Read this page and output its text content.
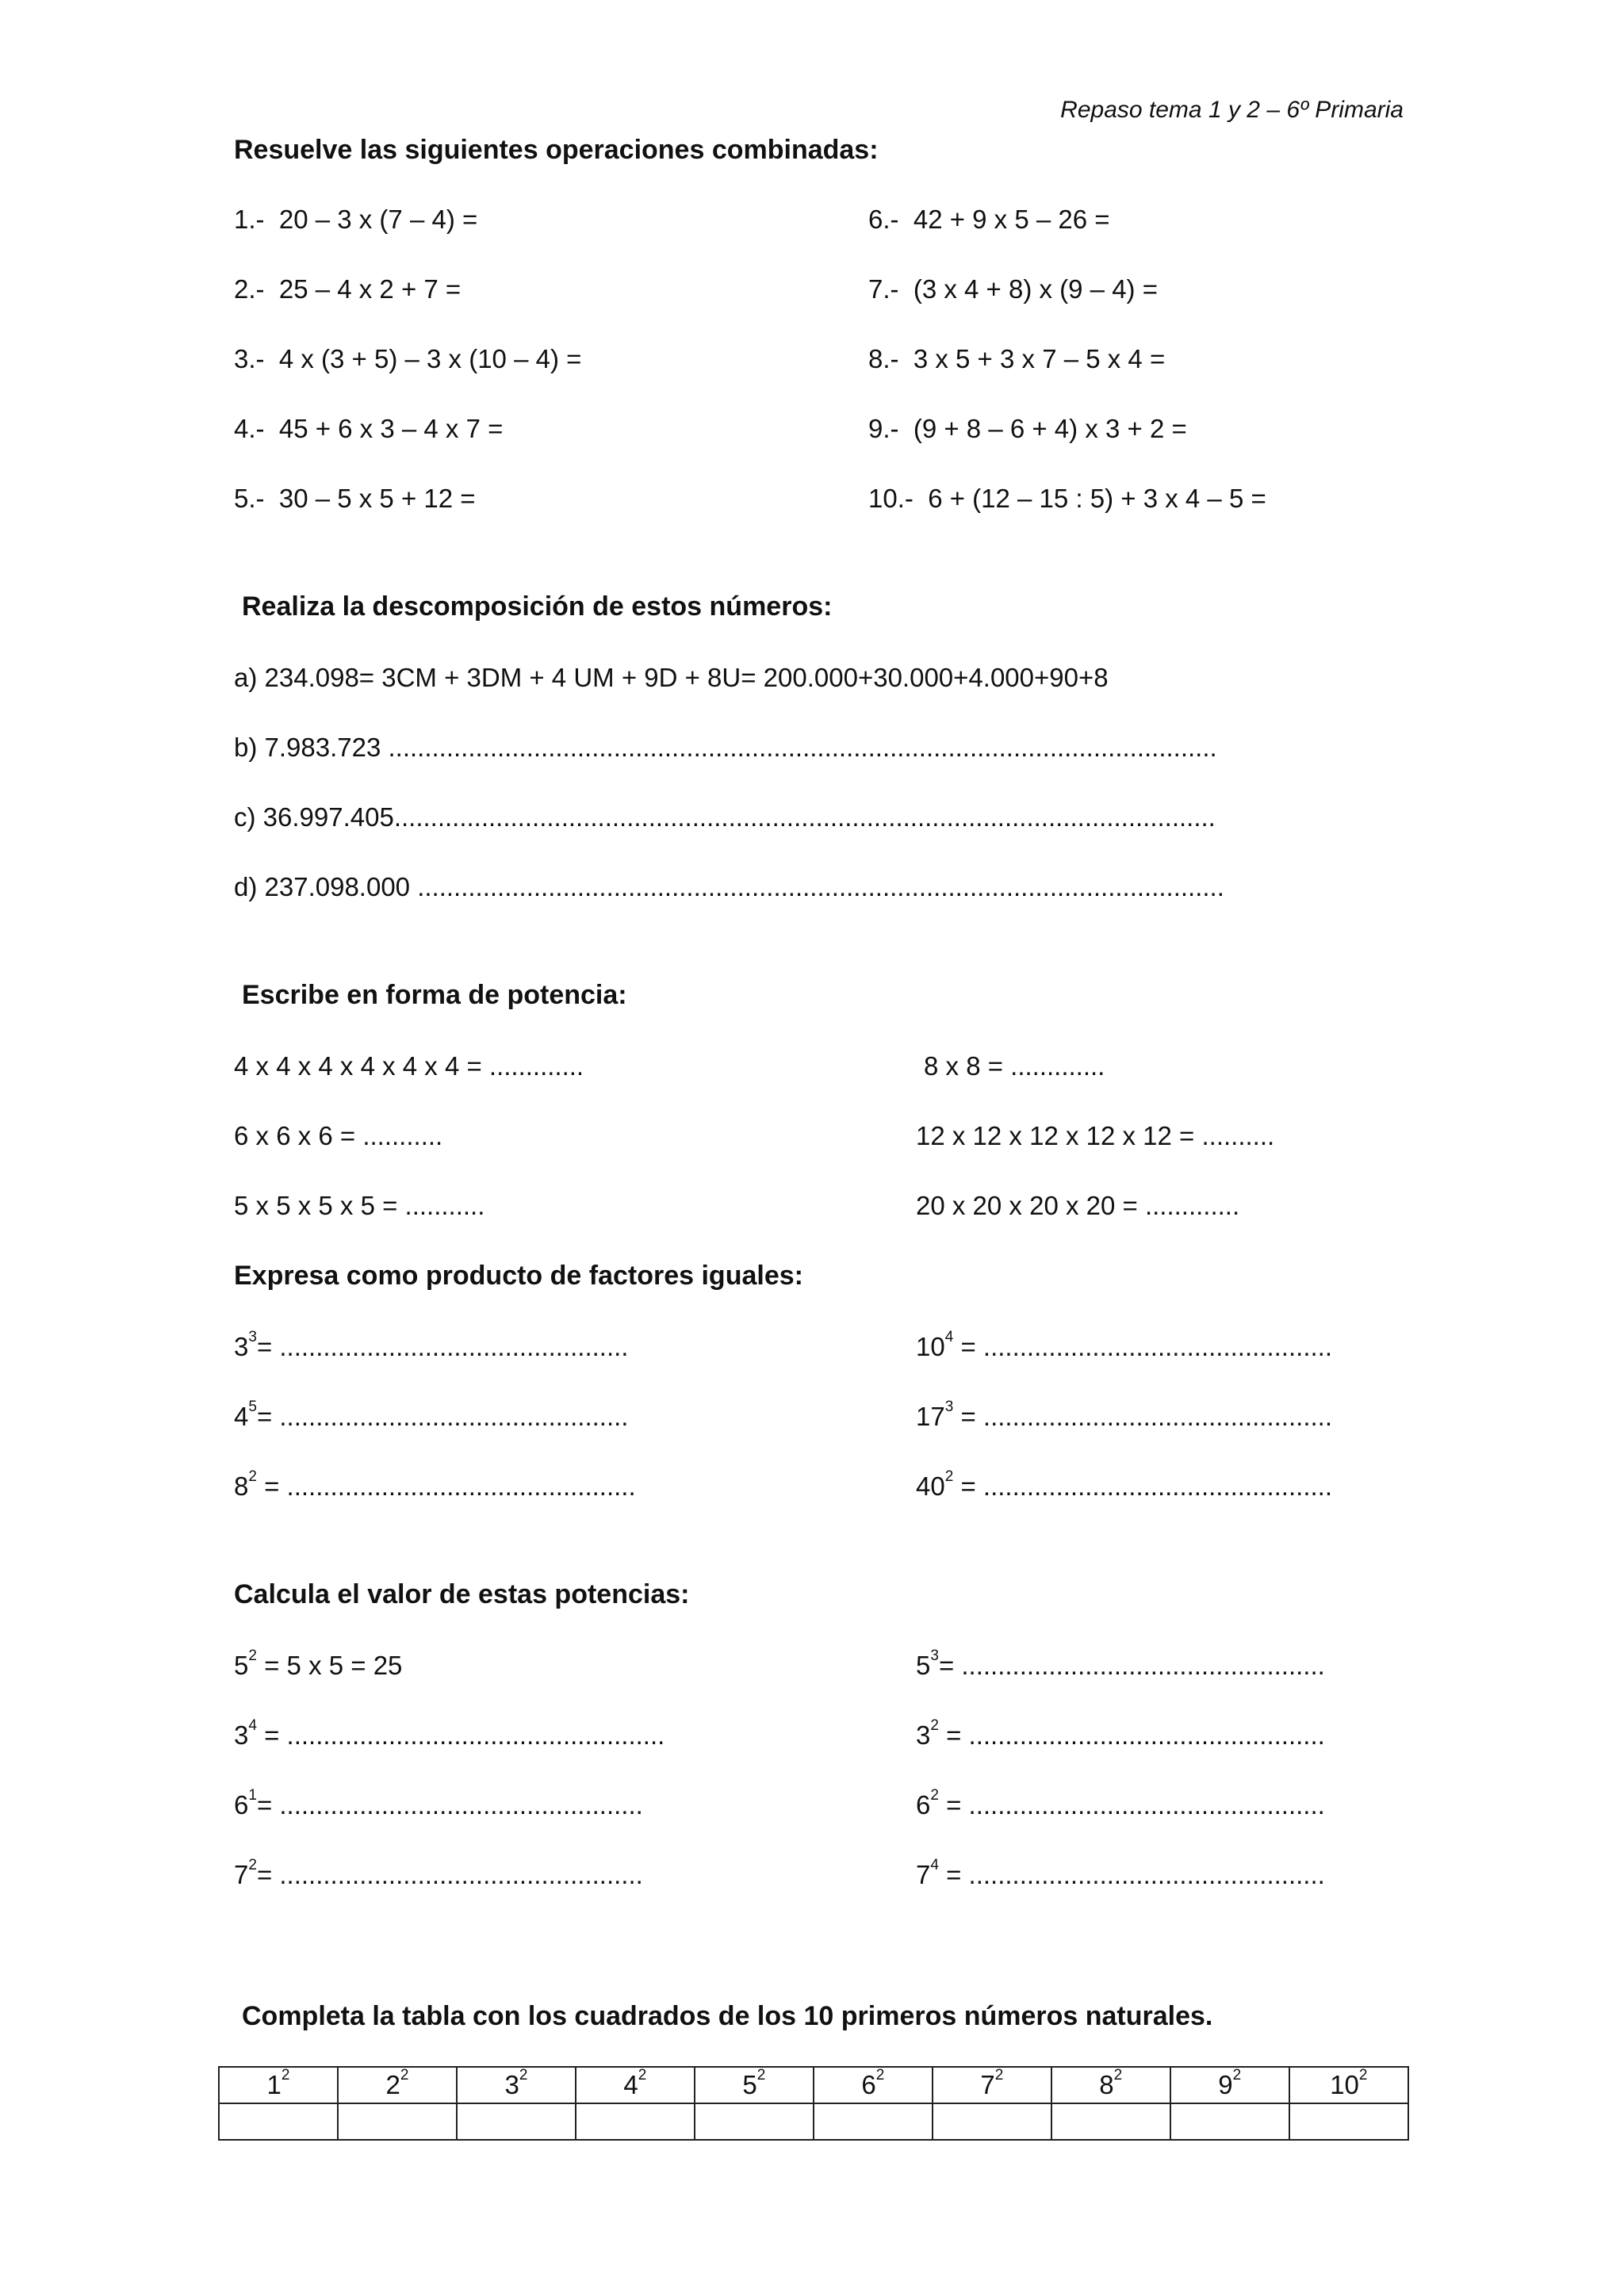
Repaso tema 1 y 2 – 6º Primaria
Resuelve las siguientes operaciones combinadas:
1.-  20 – 3 x (7 – 4) =
2.-  25 – 4 x 2 + 7 =
3.-  4 x (3 + 5) – 3 x (10 – 4) =
4.-  45 + 6 x 3 – 4 x 7 =
5.-  30 – 5 x 5 + 12 =
6.-  42 + 9 x 5 – 26 =
7.-  (3 x 4 + 8) x (9 – 4) =
8.-  3 x 5 + 3 x 7 – 5 x 4 =
9.-  (9 + 8 – 6 + 4) x 3 + 2 =
10.-  6 + (12 – 15 : 5) + 3 x 4 – 5 =
Realiza la descomposición de estos números:
a) 234.098= 3CM + 3DM + 4 UM + 9D + 8U= 200.000+30.000+4.000+90+8
b) 7.983.723 ..................................................................................................................
c) 36.997.405.................................................................................................................
d) 237.098.000 ...............................................................................................................
Escribe en forma de potencia:
4 x 4 x 4 x 4 x 4 x 4 = .............
6 x 6 x 6 = ...........
5 x 5 x 5 x 5 = ...........
8 x 8 = .............
12 x 12 x 12 x 12 x 12 = ..........
20 x 20 x 20 x 20 = .............
Expresa como producto de factores iguales:
$3^3=$ ................................................
$4^5=$ ................................................
$8^2$ = ................................................
$10^4$ = ................................................
$17^3$ = ................................................
$40^2$ = ................................................
Calcula el valor de estas potencias:
$5^2 = 5$ x 5 = 25
$3^4$ = ....................................................
$6^1=$ ..................................................
$7^2=$ ..................................................
$5^3=$ ..................................................
$3^2$ = .................................................
$6^2$ = .................................................
$7^4$ = .................................................
Completa la tabla con los cuadrados de los 10 primeros números naturales.
$1^2$	$2^2$	$3^2$	$4^2$	$5^2$	$6^2$	$7^2$	$8^2$	$9^2$	$10^2$
